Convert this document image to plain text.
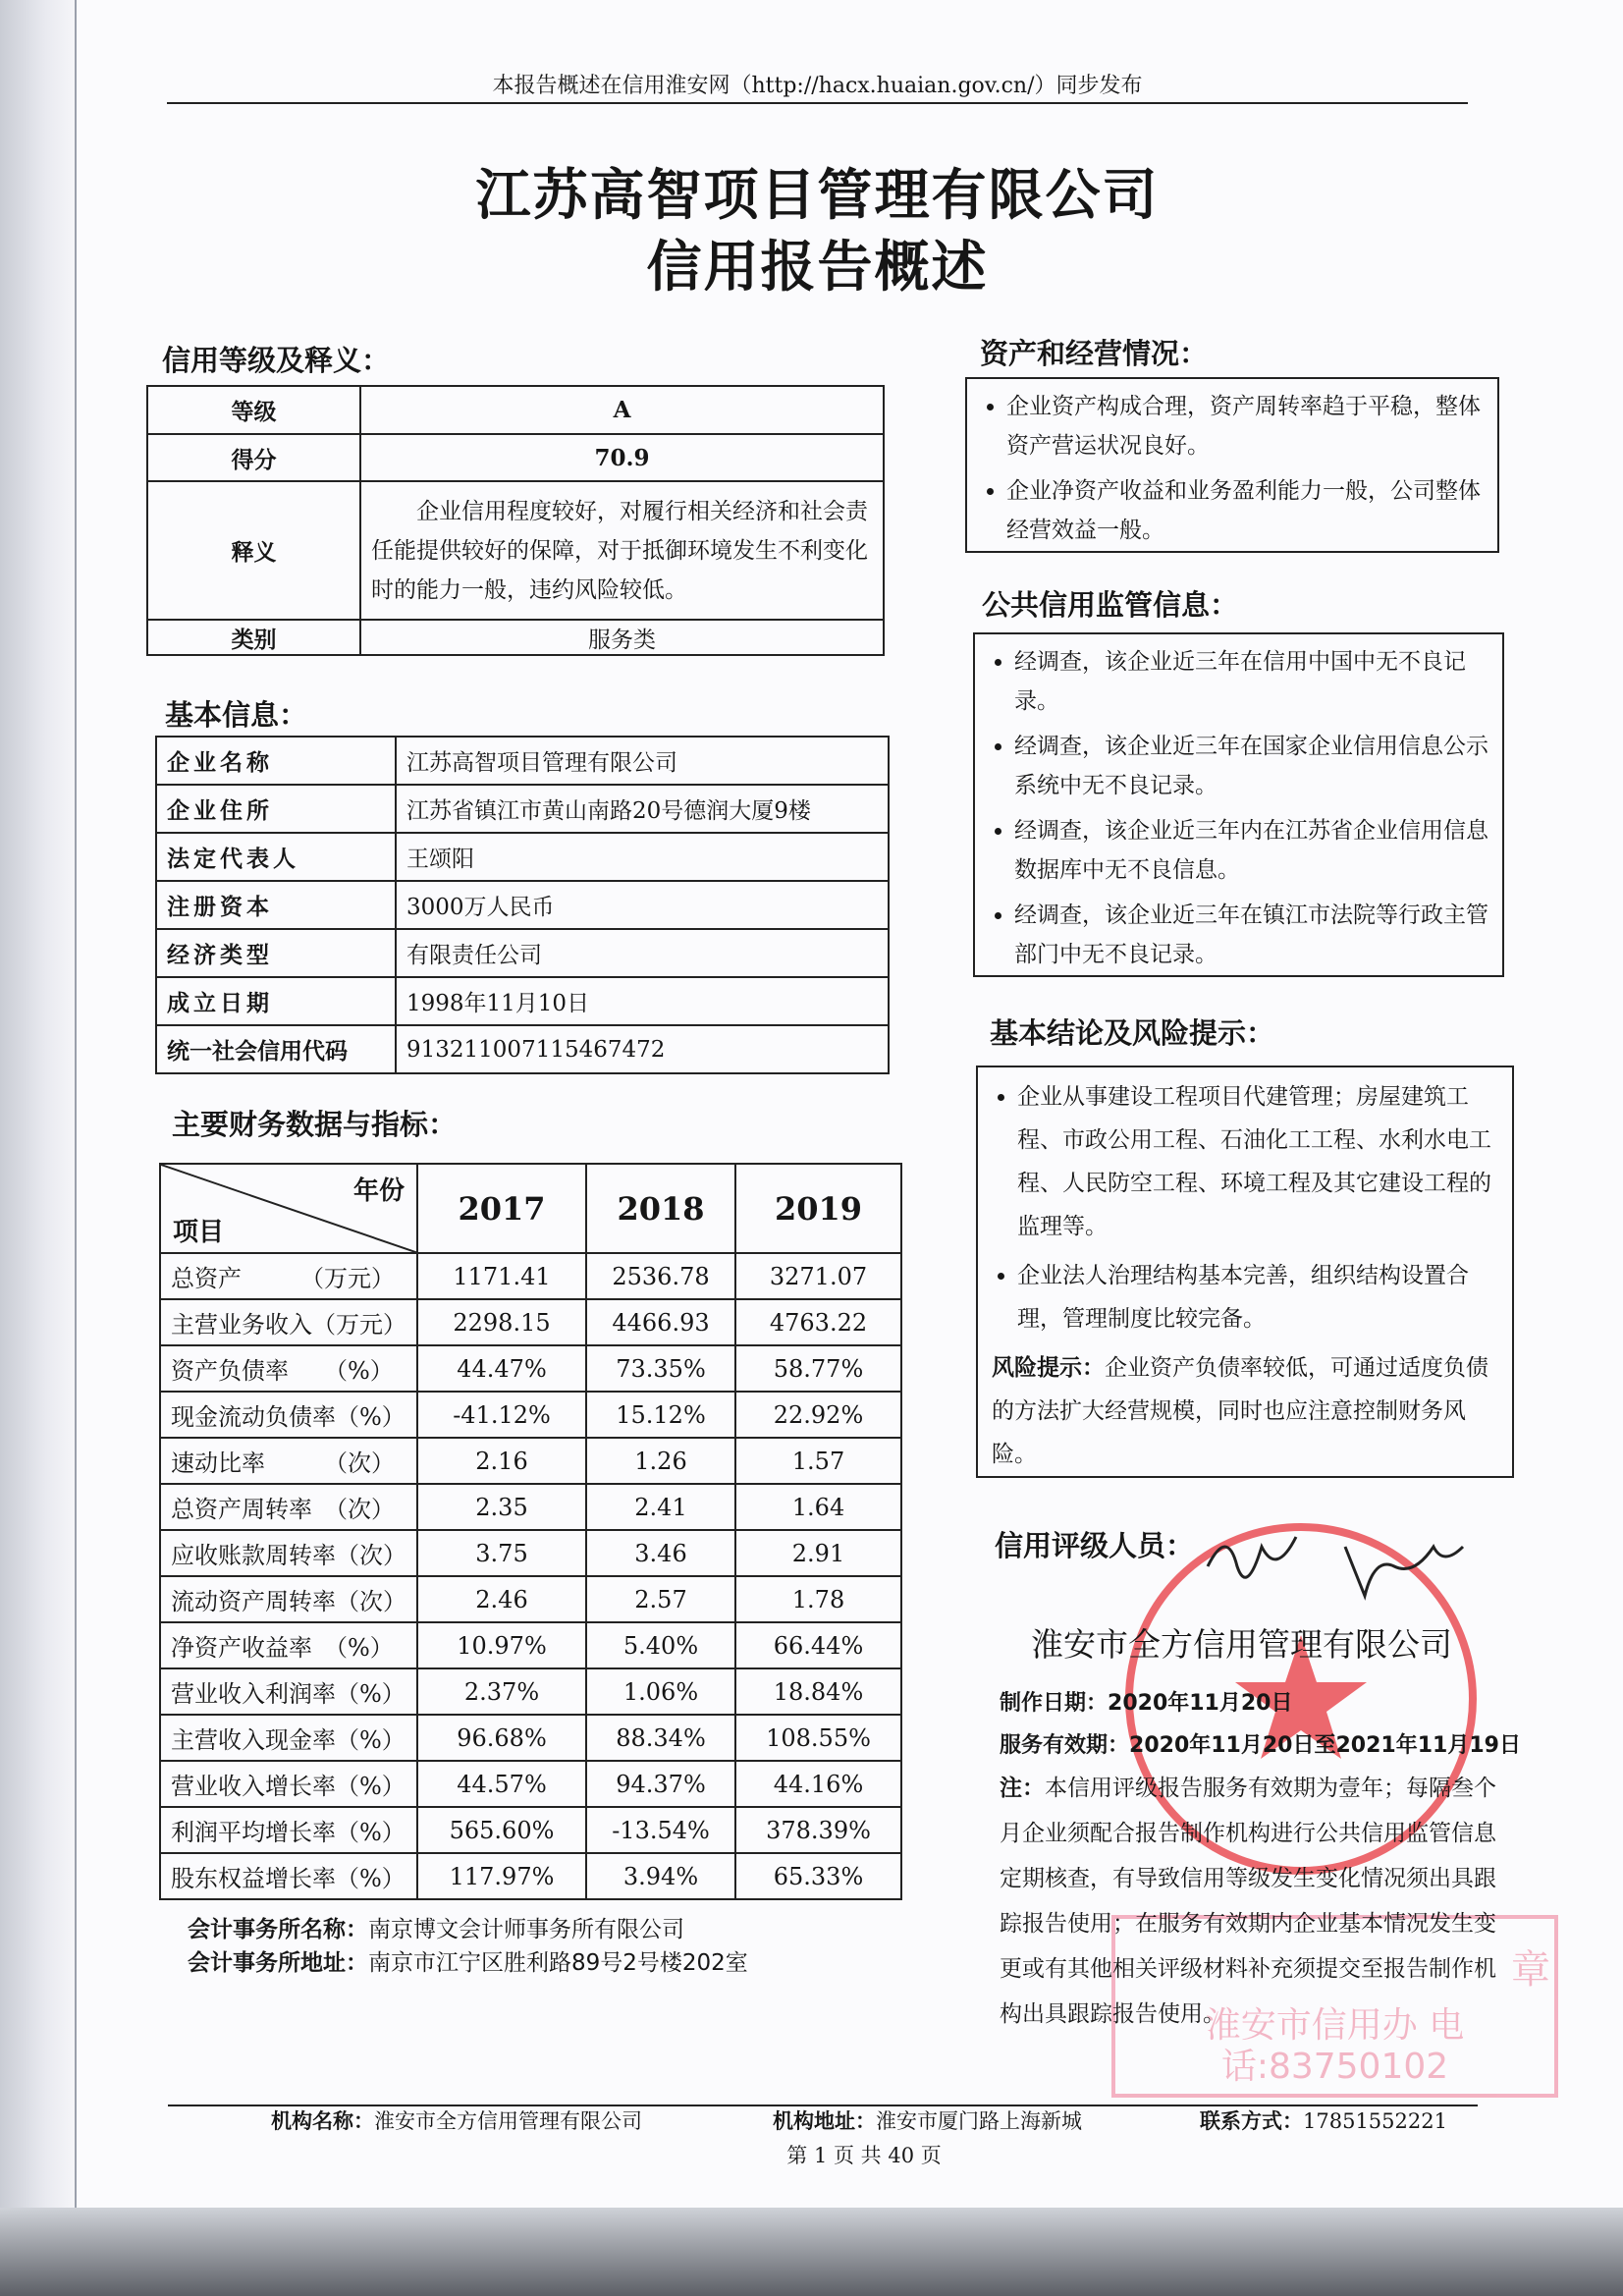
章
淮安市信用办 电话:83750102
本报告概述在信用淮安网（http://hacx.huaian.gov.cn/）同步发布
江苏高智项目管理有限公司
信用报告概述
信用等级及释义：
等级	A
得分	70.9
释义	企业信用程度较好，对履行相关经济和社会责任能提供较好的保障，对于抵御环境发生不利变化时的能力一般，违约风险较低。
类别	服务类
基本信息：
企业名称	江苏高智项目管理有限公司
企业住所	江苏省镇江市黄山南路20号德润大厦9楼
法定代表人	王颂阳
注册资本	3000万人民币
经济类型	有限责任公司
成立日期	1998年11月10日
统一社会信用代码	913211007115467472
主要财务数据与指标：
年份
项目	2017	2018	2019
总资产　　　（万元）	1171.41	2536.78	3271.07
主营业务收入（万元）	2298.15	4466.93	4763.22
资产负债率　　（%）	44.47%	73.35%	58.77%
现金流动负债率（%）	-41.12%	15.12%	22.92%
速动比率　　　（次）	2.16	1.26	1.57
总资产周转率　（次）	2.35	2.41	1.64
应收账款周转率（次）	3.75	3.46	2.91
流动资产周转率（次）	2.46	2.57	1.78
净资产收益率　（%）	10.97%	5.40%	66.44%
营业收入利润率（%）	2.37%	1.06%	18.84%
主营收入现金率（%）	96.68%	88.34%	108.55%
营业收入增长率（%）	44.57%	94.37%	44.16%
利润平均增长率（%）	565.60%	-13.54%	378.39%
股东权益增长率（%）	117.97%	3.94%	65.33%
会计事务所名称：南京博文会计师事务所有限公司
会计事务所地址：南京市江宁区胜利路89号2号楼202室
资产和经营情况：
• 企业资产构成合理，资产周转率趋于平稳，整体资产营运状况良好。
• 企业净资产收益和业务盈利能力一般，公司整体经营效益一般。
公共信用监管信息：
• 经调查，该企业近三年在信用中国中无不良记录。
• 经调查，该企业近三年在国家企业信用信息公示系统中无不良记录。
• 经调查，该企业近三年内在江苏省企业信用信息数据库中无不良信息。
• 经调查，该企业近三年在镇江市法院等行政主管部门中无不良记录。
基本结论及风险提示：
• 企业从事建设工程项目代建管理；房屋建筑工程、市政公用工程、石油化工工程、水利水电工程、人民防空工程、环境工程及其它建设工程的监理等。
• 企业法人治理结构基本完善，组织结构设置合理，管理制度比较完备。
风险提示：企业资产负债率较低，可通过适度负债的方法扩大经营规模，同时也应注意控制财务风险。
信用评级人员：
淮安市全方信用管理有限公司
制作日期：2020年11月20日
服务有效期：2020年11月20日至2021年11月19日
注：本信用评级报告服务有效期为壹年；每隔叁个月企业须配合报告制作机构进行公共信用监管信息定期核查，有导致信用等级发生变化情况须出具跟踪报告使用；在服务有效期内企业基本情况发生变更或有其他相关评级材料补充须提交至报告制作机构出具跟踪报告使用。
机构名称：淮安市全方信用管理有限公司	机构地址：淮安市厦门路上海新城	联系方式：17851552221
第 1 页 共 40 页
